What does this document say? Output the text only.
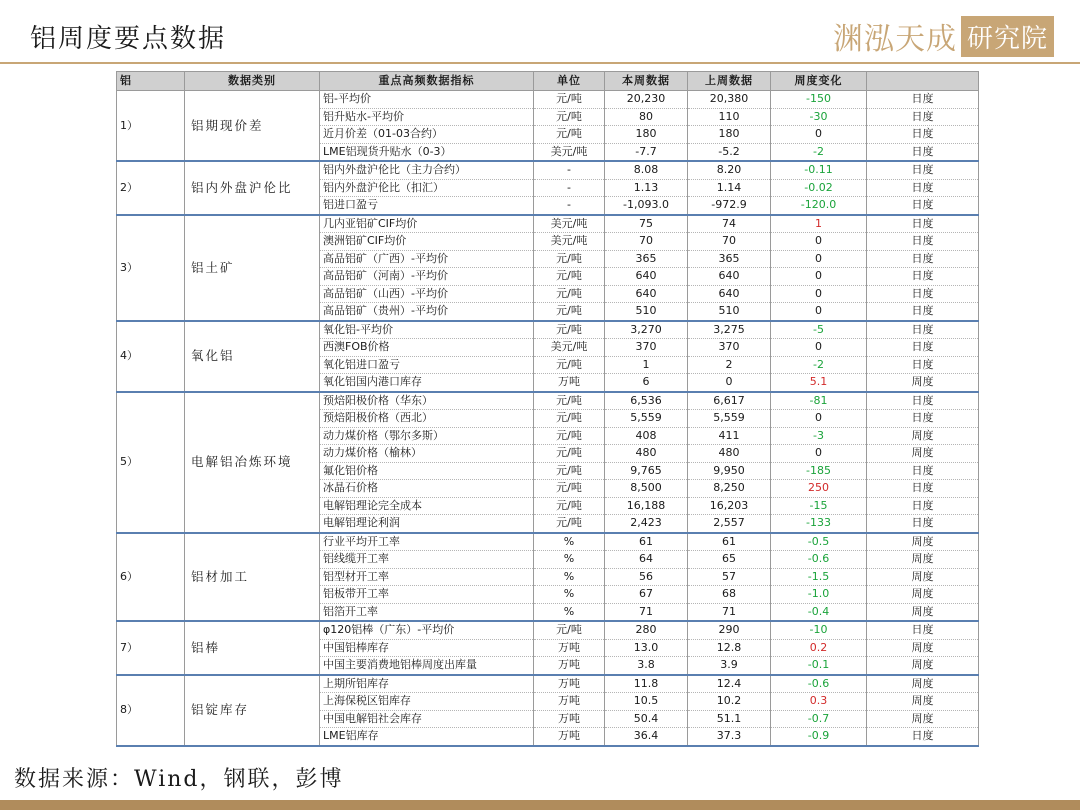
铝周度要点数据	渊泓天成 研究院
铝	数据类别	重点高频数据指标	单位	本周数据	上周数据	周度变化	
1）	铝期现价差	铝-平均价	元/吨	20,230	20,380	-150	日度
		铝升贴水-平均价	元/吨	80	110	-30	日度
		近月价差（01-03合约）	元/吨	180	180	0	日度
		LME铝现货升贴水（0-3）	美元/吨	-7.7	-5.2	-2	日度
2）	铝内外盘沪伦比	铝内外盘沪伦比（主力合约）	-	8.08	8.20	-0.11	日度
		铝内外盘沪伦比（扣汇）	-	1.13	1.14	-0.02	日度
		铝进口盈亏	-	-1,093.0	-972.9	-120.0	日度
3）	铝土矿	几内亚铝矿CIF均价	美元/吨	75	74	1	日度
		澳洲铝矿CIF均价	美元/吨	70	70	0	日度
		高品铝矿（广西）-平均价	元/吨	365	365	0	日度
		高品铝矿（河南）-平均价	元/吨	640	640	0	日度
		高品铝矿（山西）-平均价	元/吨	640	640	0	日度
		高品铝矿（贵州）-平均价	元/吨	510	510	0	日度
4）	氧化铝	氧化铝-平均价	元/吨	3,270	3,275	-5	日度
		西澳FOB价格	美元/吨	370	370	0	日度
		氧化铝进口盈亏	元/吨	1	2	-2	日度
		氧化铝国内港口库存	万吨	6	0	5.1	周度
5）	电解铝冶炼环境	预焙阳极价格（华东）	元/吨	6,536	6,617	-81	日度
		预焙阳极价格（西北）	元/吨	5,559	5,559	0	日度
		动力煤价格（鄂尔多斯）	元/吨	408	411	-3	周度
		动力煤价格（榆林）	元/吨	480	480	0	周度
		氟化铝价格	元/吨	9,765	9,950	-185	日度
		冰晶石价格	元/吨	8,500	8,250	250	日度
		电解铝理论完全成本	元/吨	16,188	16,203	-15	日度
		电解铝理论利润	元/吨	2,423	2,557	-133	日度
6）	铝材加工	行业平均开工率	%	61	61	-0.5	周度
		铝线缆开工率	%	64	65	-0.6	周度
		铝型材开工率	%	56	57	-1.5	周度
		铝板带开工率	%	67	68	-1.0	周度
		铝箔开工率	%	71	71	-0.4	周度
7）	铝棒	φ120铝棒（广东）-平均价	元/吨	280	290	-10	日度
		中国铝棒库存	万吨	13.0	12.8	0.2	周度
		中国主要消费地铝棒周度出库量	万吨	3.8	3.9	-0.1	周度
8）	铝锭库存	上期所铝库存	万吨	11.8	12.4	-0.6	周度
		上海保税区铝库存	万吨	10.5	10.2	0.3	周度
		中国电解铝社会库存	万吨	50.4	51.1	-0.7	周度
		LME铝库存	万吨	36.4	37.3	-0.9	日度
数据来源：Wind，钢联，彭博
